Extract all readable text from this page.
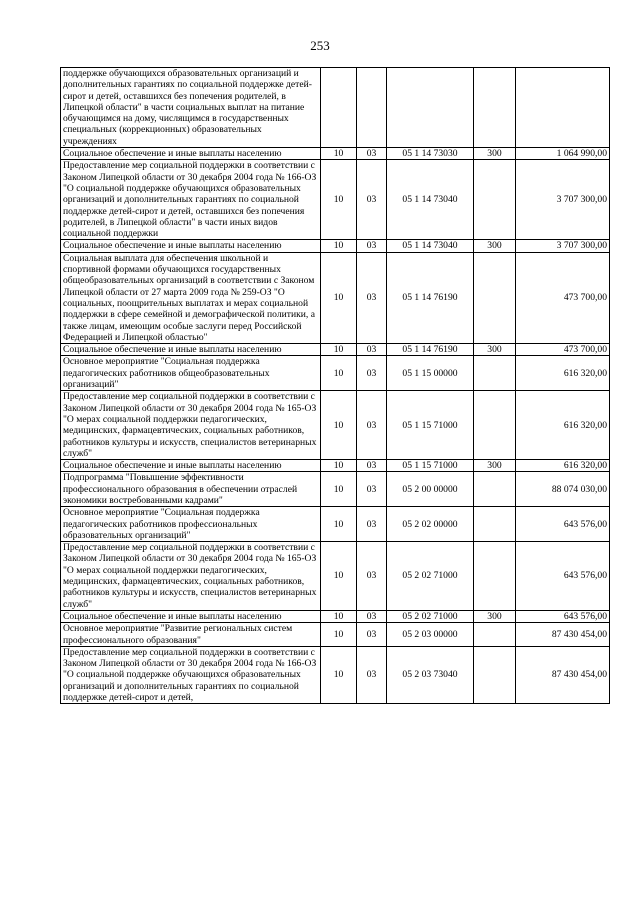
253
поддержке обучающихся образовательных организаций и дополнительных гарантиях по социальной поддержке детей-сирот и детей, оставшихся без попечения родителей, в Липецкой области" в части социальных выплат на питание обучающимся на дому, числящимся в государственных специальных (коррекционных) образовательных учреждениях					
Социальное обеспечение и иные выплаты населению	10	03	05 1 14 73030	300	1 064 990,00
Предоставление мер социальной поддержки в соответствии с Законом Липецкой области от 30 декабря 2004 года № 166-ОЗ "О социальной поддержке обучающихся образовательных организаций и дополнительных гарантиях по социальной поддержке детей-сирот и детей, оставшихся без попечения родителей, в Липецкой области" в части иных видов социальной поддержки	10	03	05 1 14 73040		3 707 300,00
Социальное обеспечение и иные выплаты населению	10	03	05 1 14 73040	300	3 707 300,00
Социальная выплата для обеспечения школьной и спортивной формами обучающихся государственных общеобразовательных организаций в соответствии с Законом Липецкой области от 27 марта 2009 года № 259-ОЗ "О социальных, поощрительных выплатах и мерах социальной поддержки в сфере семейной и демографической политики, а также лицам, имеющим особые заслуги перед Российской Федерацией и Липецкой областью"	10	03	05 1 14 76190		473 700,00
Социальное обеспечение и иные выплаты населению	10	03	05 1 14 76190	300	473 700,00
Основное мероприятие "Социальная поддержка педагогических работников общеобразовательных организаций"	10	03	05 1 15 00000		616 320,00
Предоставление мер социальной поддержки в соответствии с Законом Липецкой области от 30 декабря 2004 года № 165-ОЗ "О мерах социальной поддержки педагогических, медицинских, фармацевтических, социальных работников, работников культуры и искусств, специалистов ветеринарных служб"	10	03	05 1 15 71000		616 320,00
Социальное обеспечение и иные выплаты населению	10	03	05 1 15 71000	300	616 320,00
Подпрограмма "Повышение эффективности профессионального образования в обеспечении отраслей экономики востребованными кадрами"	10	03	05 2 00 00000		88 074 030,00
Основное мероприятие "Социальная поддержка педагогических работников профессиональных образовательных организаций"	10	03	05 2 02 00000		643 576,00
Предоставление мер социальной поддержки в соответствии с Законом Липецкой области от 30 декабря 2004 года № 165-ОЗ "О мерах социальной поддержки педагогических, медицинских, фармацевтических, социальных работников, работников культуры и искусств, специалистов ветеринарных служб"	10	03	05 2 02 71000		643 576,00
Социальное обеспечение и иные выплаты населению	10	03	05 2 02 71000	300	643 576,00
Основное мероприятие "Развитие региональных систем профессионального образования"	10	03	05 2 03 00000		87 430 454,00
Предоставление мер социальной поддержки в соответствии с Законом Липецкой области от 30 декабря 2004 года № 166-ОЗ "О социальной поддержке обучающихся образовательных организаций и дополнительных гарантиях по социальной поддержке детей-сирот и детей,	10	03	05 2 03 73040		87 430 454,00
